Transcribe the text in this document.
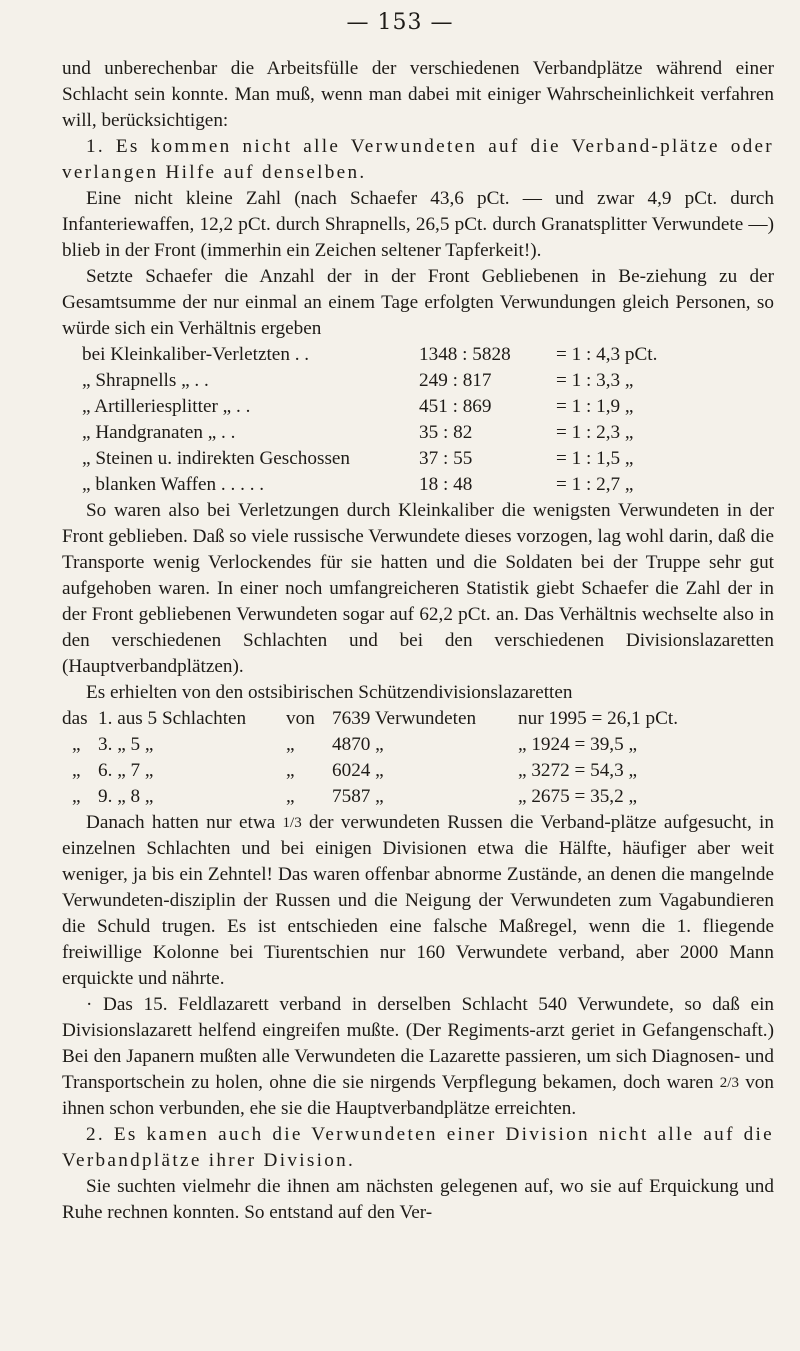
— 153 —

und unberechenbar die Arbeitsfülle der verschiedenen Verbandplätze während einer Schlacht sein konnte. Man muß, wenn man dabei mit einiger Wahrscheinlichkeit verfahren will, berücksichtigen:

1. Es kommen nicht alle Verwundeten auf die Verband-plätze oder verlangen Hilfe auf denselben.

Eine nicht kleine Zahl (nach Schaefer 43,6 pCt. — und zwar 4,9 pCt. durch Infanteriewaffen, 12,2 pCt. durch Shrapnells, 26,5 pCt. durch Granatsplitter Verwundete —) blieb in der Front (immerhin ein Zeichen seltener Tapferkeit!).

Setzte Schaefer die Anzahl der in der Front Gebliebenen in Be-ziehung zu der Gesamtsumme der nur einmal an einem Tage erfolgten Verwundungen gleich Personen, so würde sich ein Verhältnis ergeben

bei Kleinkaliber-Verletzten . .	1348 : 5828	= 1 : 4,3 pCt.
„ Shrapnells „ . .	249 : 817	= 1 : 3,3 „
„ Artilleriesplitter „ . .	451 : 869	= 1 : 1,9 „
„ Handgranaten „ . .	35 : 82	= 1 : 2,3 „
„ Steinen u. indirekten Geschossen	37 : 55	= 1 : 1,5 „
„ blanken Waffen . . . . .	18 : 48	= 1 : 2,7 „

So waren also bei Verletzungen durch Kleinkaliber die wenigsten Verwundeten in der Front geblieben. Daß so viele russische Verwundete dieses vorzogen, lag wohl darin, daß die Transporte wenig Verlockendes für sie hatten und die Soldaten bei der Truppe sehr gut aufgehoben waren. In einer noch umfangreicheren Statistik giebt Schaefer die Zahl der in der Front gebliebenen Verwundeten sogar auf 62,2 pCt. an. Das Verhältnis wechselte also in den verschiedenen Schlachten und bei den verschiedenen Divisionslazaretten (Hauptverbandplätzen).

Es erhielten von den ostsibirischen Schützendivisionslazaretten

das 1. aus 5 Schlachten	von 7639 Verwundeten	nur 1995 = 26,1 pCt.
„ 3. „ 5 „	„	4870 „	„ 1924 = 39,5 „
„ 6. „ 7 „	„	6024 „	„ 3272 = 54,3 „
„ 9. „ 8 „	„	7587 „	„ 2675 = 35,2 „

Danach hatten nur etwa 1/3 der verwundeten Russen die Verband-plätze aufgesucht, in einzelnen Schlachten und bei einigen Divisionen etwa die Hälfte, häufiger aber weit weniger, ja bis ein Zehntel! Das waren offenbar abnorme Zustände, an denen die mangelnde Verwundeten-disziplin der Russen und die Neigung der Verwundeten zum Vagabundieren die Schuld trugen. Es ist entschieden eine falsche Maßregel, wenn die 1. fliegende freiwillige Kolonne bei Tiurentschien nur 160 Verwundete verband, aber 2000 Mann erquickte und nährte.

· Das 15. Feldlazarett verband in derselben Schlacht 540 Verwundete, so daß ein Divisionslazarett helfend eingreifen mußte. (Der Regiments-arzt geriet in Gefangenschaft.) Bei den Japanern mußten alle Verwundeten die Lazarette passieren, um sich Diagnosen- und Transportschein zu holen, ohne die sie nirgends Verpflegung bekamen, doch waren 2/3 von ihnen schon verbunden, ehe sie die Hauptverbandplätze erreichten.

2. Es kamen auch die Verwundeten einer Division nicht alle auf die Verbandplätze ihrer Division.

Sie suchten vielmehr die ihnen am nächsten gelegenen auf, wo sie auf Erquickung und Ruhe rechnen konnten. So entstand auf den Ver-
